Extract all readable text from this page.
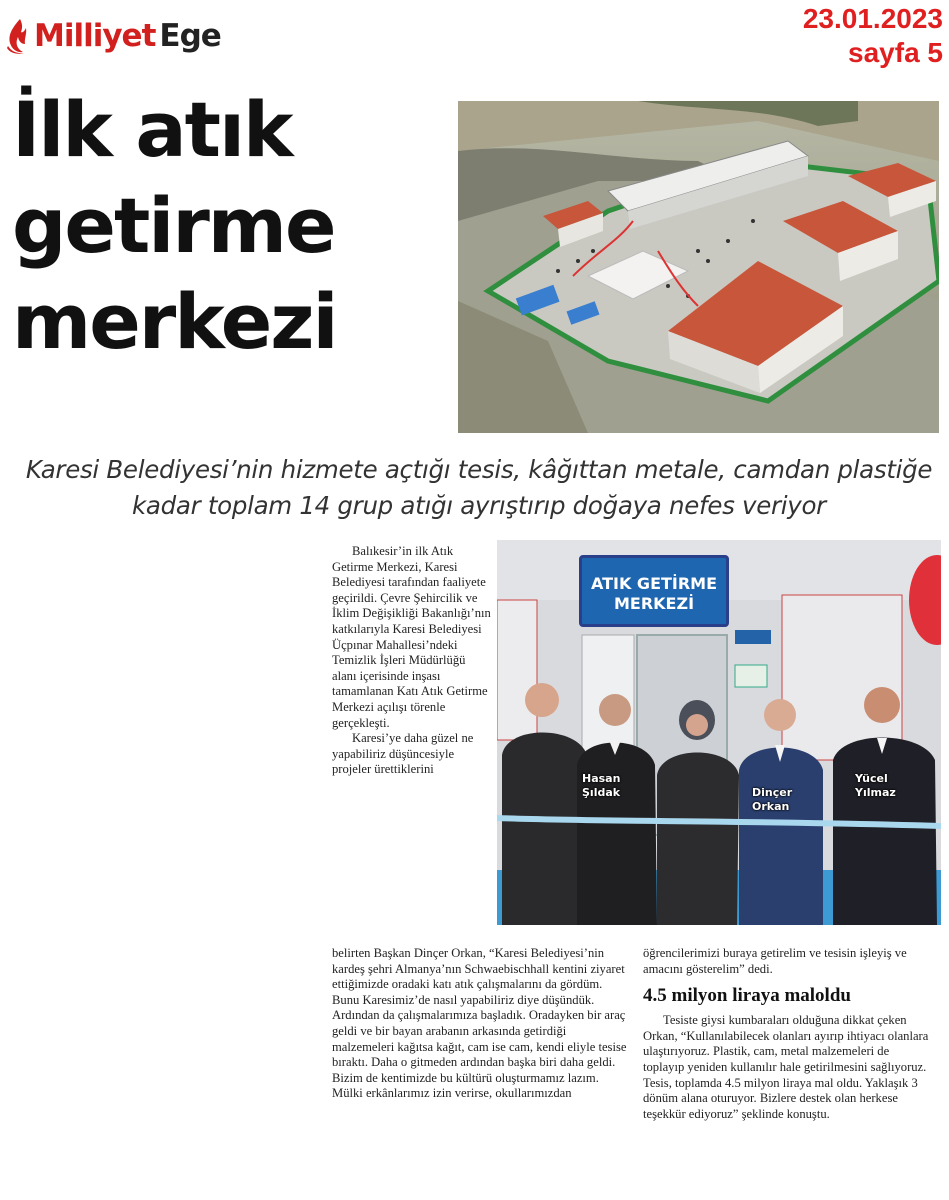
Milliyet Ege	23.01.2023
sayfa 5
İlk atık
getirme
merkezi
Karesi Belediyesi’nin hizmete açtığı tesis, kâğıttan metale, camdan plastiğe kadar toplam 14 grup atığı ayrıştırıp doğaya nefes veriyor
ATIK GETİRME
MERKEZİ
Hasan
Şıldak	Dinçer
Orkan
Yücel
Yılmaz

Balıkesir’in ilk Atık Getirme Merkezi, Karesi Belediyesi tarafından faaliyete geçirildi. Çevre Şehircilik ve İklim Değişikliği Bakanlığı’nın katkılarıyla Karesi Belediyesi Üçpınar Mahallesi’ndeki Temizlik İşleri Müdürlüğü alanı içerisinde inşası tamamlanan Katı Atık Getirme Merkezi açılışı törenle gerçekleşti.

Karesi’ye daha güzel ne yapabiliriz düşüncesiyle projeler ürettiklerini

belirten Başkan Dinçer Orkan, “Karesi Belediyesi’nin kardeş şehri Almanya’nın Schwaebischhall kentini ziyaret ettiğimizde oradaki katı atık çalışmalarını da gördüm. Bunu Karesimiz’de nasıl yapabiliriz diye düşündük. Ardından da çalışmalarımıza başladık. Oradayken bir araç geldi ve bir bayan arabanın arkasında getirdiği malzemeleri kağıtsa kağıt, cam ise cam, kendi eliyle tesise bıraktı. Daha o gitmeden ardından başka biri daha geldi. Bizim de kentimizde bu kültürü oluşturmamız lazım. Mülki erkânlarımız izin verirse, okullarımızdan

öğrencilerimizi buraya getirelim ve tesisin işleyiş ve amacını gösterelim” dedi.

4.5 milyon liraya maloldu

Tesiste giysi kumbaraları olduğuna dikkat çeken Orkan, “Kullanılabilecek olanları ayırıp ihtiyacı olanlara ulaştırıyoruz. Plastik, cam, metal malzemeleri de toplayıp yeniden kullanılır hale getirilmesini sağlıyoruz. Tesis, toplamda 4.5 milyon liraya mal oldu. Yaklaşık 3 dönüm alana oturuyor. Bizlere destek olan herkese teşekkür ediyoruz” şeklinde konuştu.
